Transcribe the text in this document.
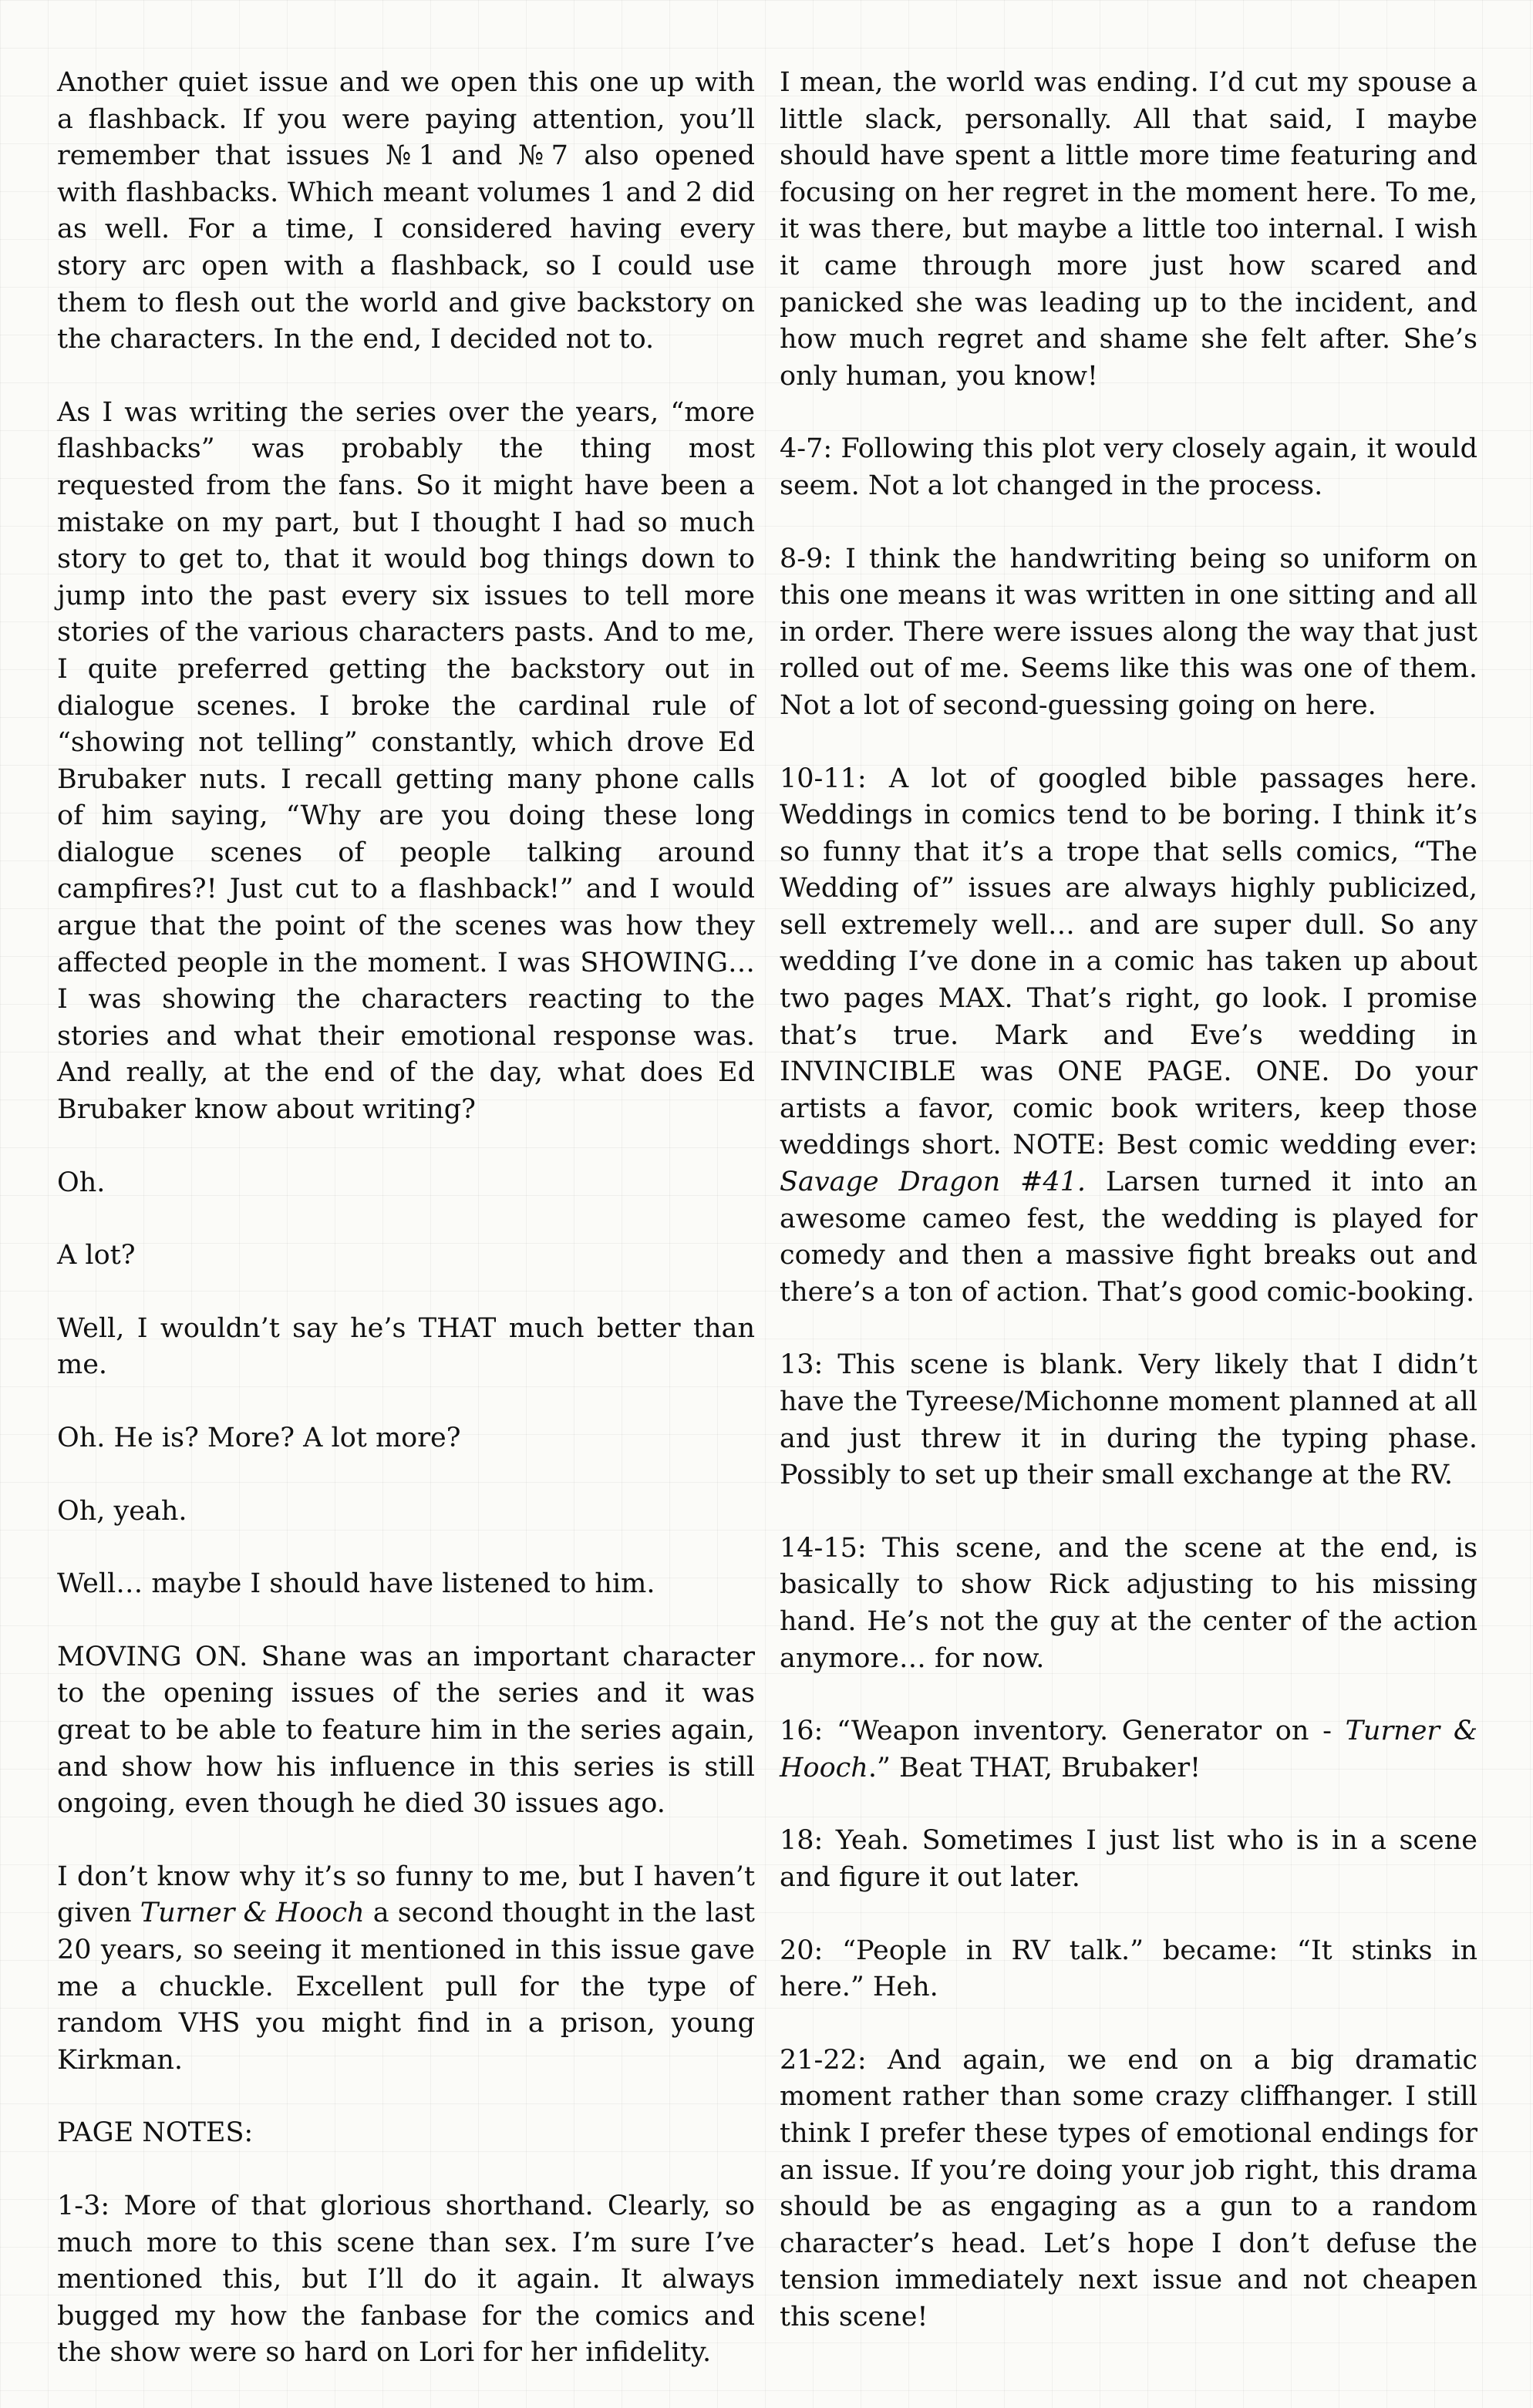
Another quiet issue and we open this one up with a flashback. If you were paying attention, you’ll remember that issues №1 and №7 also opened with flashbacks. Which meant volumes 1 and 2 did as well. For a time, I considered having every story arc open with a flashback, so I could use them to flesh out the world and give backstory on the characters. In the end, I decided not to.

As I was writing the series over the years, “more flashbacks” was probably the thing most requested from the fans. So it might have been a mistake on my part, but I thought I had so much story to get to, that it would bog things down to jump into the past every six issues to tell more stories of the various characters pasts. And to me, I quite preferred getting the backstory out in dialogue scenes. I broke the cardinal rule of “showing not telling” constantly, which drove Ed Brubaker nuts. I recall getting many phone calls of him saying, “Why are you doing these long dialogue scenes of people talking around campfires?! Just cut to a flashback!” and I would argue that the point of the scenes was how they affected people in the moment. I was SHOWING… I was showing the characters reacting to the stories and what their emotional response was. And really, at the end of the day, what does Ed Brubaker know about writing?

Oh.

A lot?

Well, I wouldn’t say he’s THAT much better than me.

Oh. He is? More? A lot more?

Oh, yeah.

Well… maybe I should have listened to him.

MOVING ON. Shane was an important character to the opening issues of the series and it was great to be able to feature him in the series again, and show how his influence in this series is still ongoing, even though he died 30 issues ago.

I don’t know why it’s so funny to me, but I haven’t given Turner & Hooch a second thought in the last 20 years, so seeing it mentioned in this issue gave me a chuckle. Excellent pull for the type of random VHS you might find in a prison, young Kirkman.

PAGE NOTES:

1-3: More of that glorious shorthand. Clearly, so much more to this scene than sex. I’m sure I’ve mentioned this, but I’ll do it again. It always bugged my how the fanbase for the comics and the show were so hard on Lori for her infidelity.

I mean, the world was ending. I’d cut my spouse a little slack, personally. All that said, I maybe should have spent a little more time featuring and focusing on her regret in the moment here. To me, it was there, but maybe a little too internal. I wish it came through more just how scared and panicked she was leading up to the incident, and how much regret and shame she felt after. She’s only human, you know!

4-7: Following this plot very closely again, it would seem. Not a lot changed in the process.

8-9: I think the handwriting being so uniform on this one means it was written in one sitting and all in order. There were issues along the way that just rolled out of me. Seems like this was one of them. Not a lot of second-guessing going on here.

10-11: A lot of googled bible passages here. Weddings in comics tend to be boring. I think it’s so funny that it’s a trope that sells comics, “The Wedding of” issues are always highly publicized, sell extremely well… and are super dull. So any wedding I’ve done in a comic has taken up about two pages MAX. That’s right, go look. I promise that’s true. Mark and Eve’s wedding in INVINCIBLE was ONE PAGE. ONE. Do your artists a favor, comic book writers, keep those weddings short. NOTE: Best comic wedding ever: Savage Dragon #41. Larsen turned it into an awesome cameo fest, the wedding is played for comedy and then a massive fight breaks out and there’s a ton of action. That’s good comic-booking.

13: This scene is blank. Very likely that I didn’t have the Tyreese/Michonne moment planned at all and just threw it in during the typing phase. Possibly to set up their small exchange at the RV.

14-15: This scene, and the scene at the end, is basically to show Rick adjusting to his missing hand. He’s not the guy at the center of the action anymore… for now.

16: “Weapon inventory. Generator on - Turner & Hooch.” Beat THAT, Brubaker!

18: Yeah. Sometimes I just list who is in a scene and figure it out later.

20: “People in RV talk.” became: “It stinks in here.” Heh.

21-22: And again, we end on a big dramatic moment rather than some crazy cliffhanger. I still think I prefer these types of emotional endings for an issue. If you’re doing your job right, this drama should be as engaging as a gun to a random character’s head. Let’s hope I don’t defuse the tension immediately next issue and not cheapen this scene!
